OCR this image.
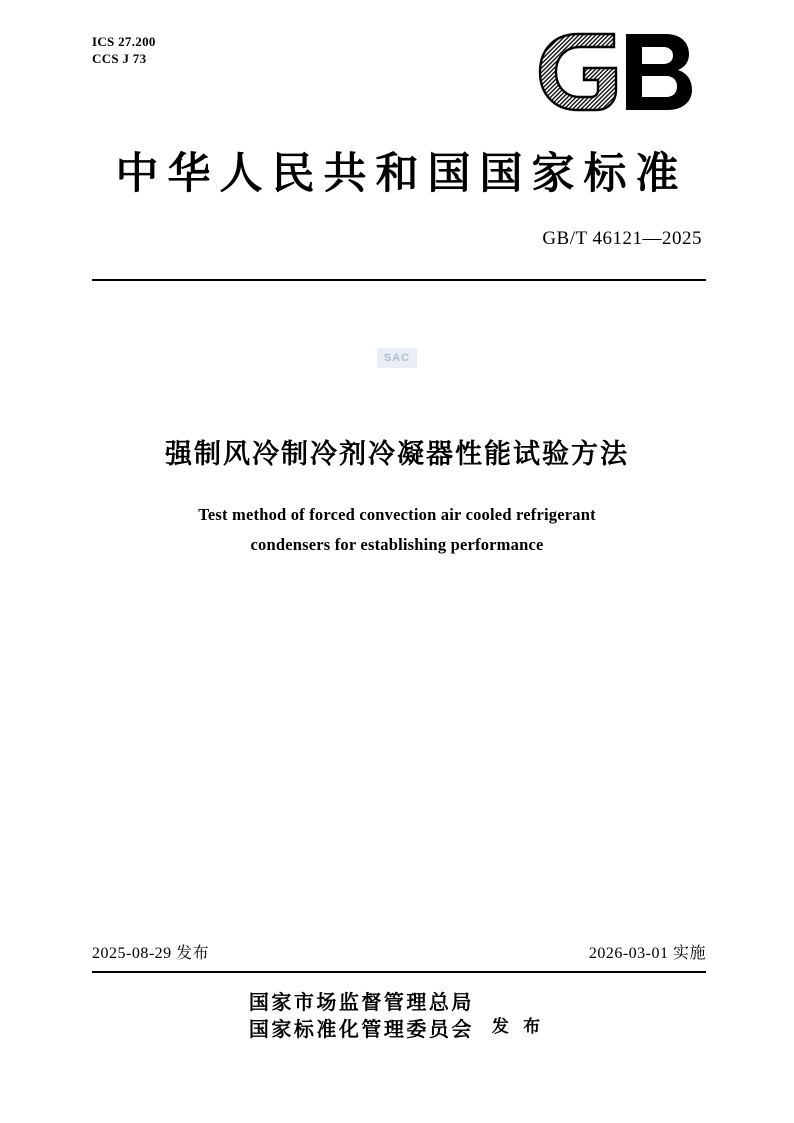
ICS 27.200
CCS J 73
中华人民共和国国家标准
GB/T 46121—2025
SAC
强制风冷制冷剂冷凝器性能试验方法
Test method of forced convection air cooled refrigerant
condensers for establishing performance
2025-08-29 发布	2026-03-01 实施
国家市场监督管理总局
国家标准化管理委员会 发 布
